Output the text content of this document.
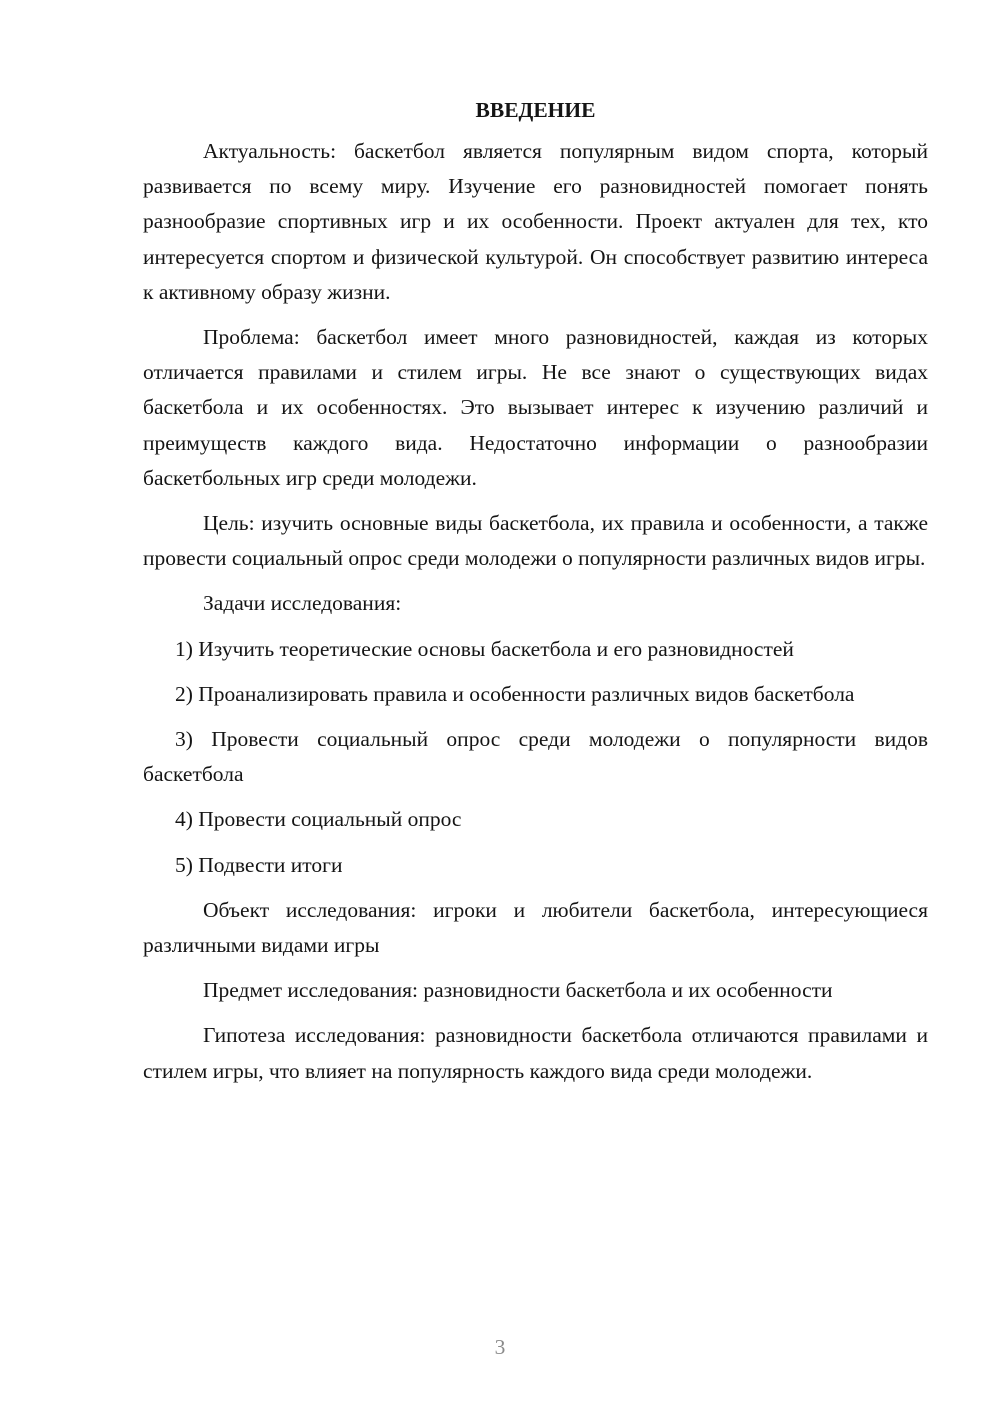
ВВЕДЕНИЕ

Актуальность: баскетбол является популярным видом спорта, который развивается по всему миру. Изучение его разновидностей помогает понять разнообразие спортивных игр и их особенности. Проект актуален для тех, кто интересуется спортом и физической культурой. Он способствует развитию интереса к активному образу жизни.

Проблема: баскетбол имеет много разновидностей, каждая из которых отличается правилами и стилем игры. Не все знают о существующих видах баскетбола и их особенностях. Это вызывает интерес к изучению различий и преимуществ каждого вида. Недостаточно информации о разнообразии баскетбольных игр среди молодежи.

Цель: изучить основные виды баскетбола, их правила и особенности, а также провести социальный опрос среди молодежи о популярности различных видов игры.

Задачи исследования:

1) Изучить теоретические основы баскетбола и его разновидностей

2) Проанализировать правила и особенности различных видов баскетбола

3) Провести социальный опрос среди молодежи о популярности видов баскетбола

4) Провести социальный опрос

5) Подвести итоги

Объект исследования: игроки и любители баскетбола, интересующиеся различными видами игры

Предмет исследования: разновидности баскетбола и их особенности

Гипотеза исследования: разновидности баскетбола отличаются правилами и стилем игры, что влияет на популярность каждого вида среди молодежи.

3
